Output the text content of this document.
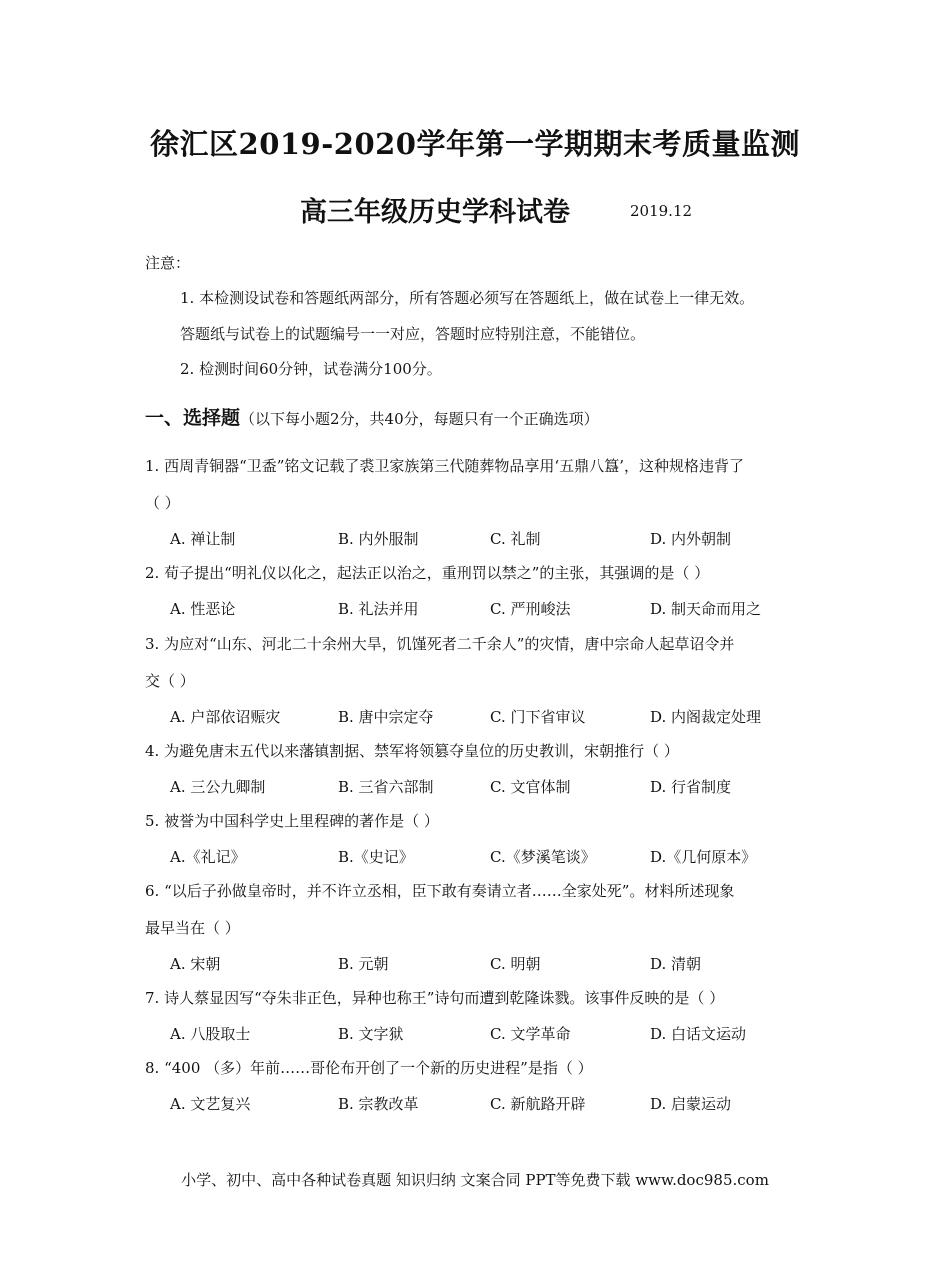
徐汇区2019-2020学年第一学期期末考质量监测
高三年级历史学科试卷	2019.12
注意：
1. 本检测设试卷和答题纸两部分，所有答题必须写在答题纸上，做在试卷上一律无效。
答题纸与试卷上的试题编号一一对应，答题时应特别注意，不能错位。
2. 检测时间60分钟，试卷满分100分。
一、选择题（以下每小题2分，共40分，每题只有一个正确选项）
1. 西周青铜器“卫盉”铭文记载了裘卫家族第三代随葬物品享用‘五鼎八簋’，这种规格违背了
（ ）
A. 禅让制	B. 内外服制	C. 礼制	D. 内外朝制
2. 荀子提出“明礼仪以化之，起法正以治之，重刑罚以禁之”的主张，其强调的是（ ）
A. 性恶论	B. 礼法并用	C. 严刑峻法	D. 制天命而用之
3. 为应对“山东、河北二十余州大旱，饥馑死者二千余人”的灾情，唐中宗命人起草诏令并
交（ ）
A. 户部依诏赈灾	B. 唐中宗定夺	C. 门下省审议	D. 内阁裁定处理
4. 为避免唐末五代以来藩镇割据、禁军将领篡夺皇位的历史教训，宋朝推行（ ）
A. 三公九卿制	B. 三省六部制	C. 文官体制	D. 行省制度
5. 被誉为中国科学史上里程碑的著作是（ ）
A.《礼记》	B.《史记》	C.《梦溪笔谈》	D.《几何原本》
6. “以后子孙做皇帝时，并不许立丞相，臣下敢有奏请立者……全家处死”。材料所述现象
最早当在（ ）
A. 宋朝	B. 元朝	C. 明朝	D. 清朝
7. 诗人蔡显因写“夺朱非正色，异种也称王”诗句而遭到乾隆诛戮。该事件反映的是（ ）
A. 八股取士	B. 文字狱	C. 文学革命	D. 白话文运动
8. “400 （多）年前……哥伦布开创了一个新的历史进程”是指（ ）
A. 文艺复兴	B. 宗教改革	C. 新航路开辟	D. 启蒙运动
小学、初中、高中各种试卷真题 知识归纳 文案合同 PPT等免费下载 www.doc985.com
